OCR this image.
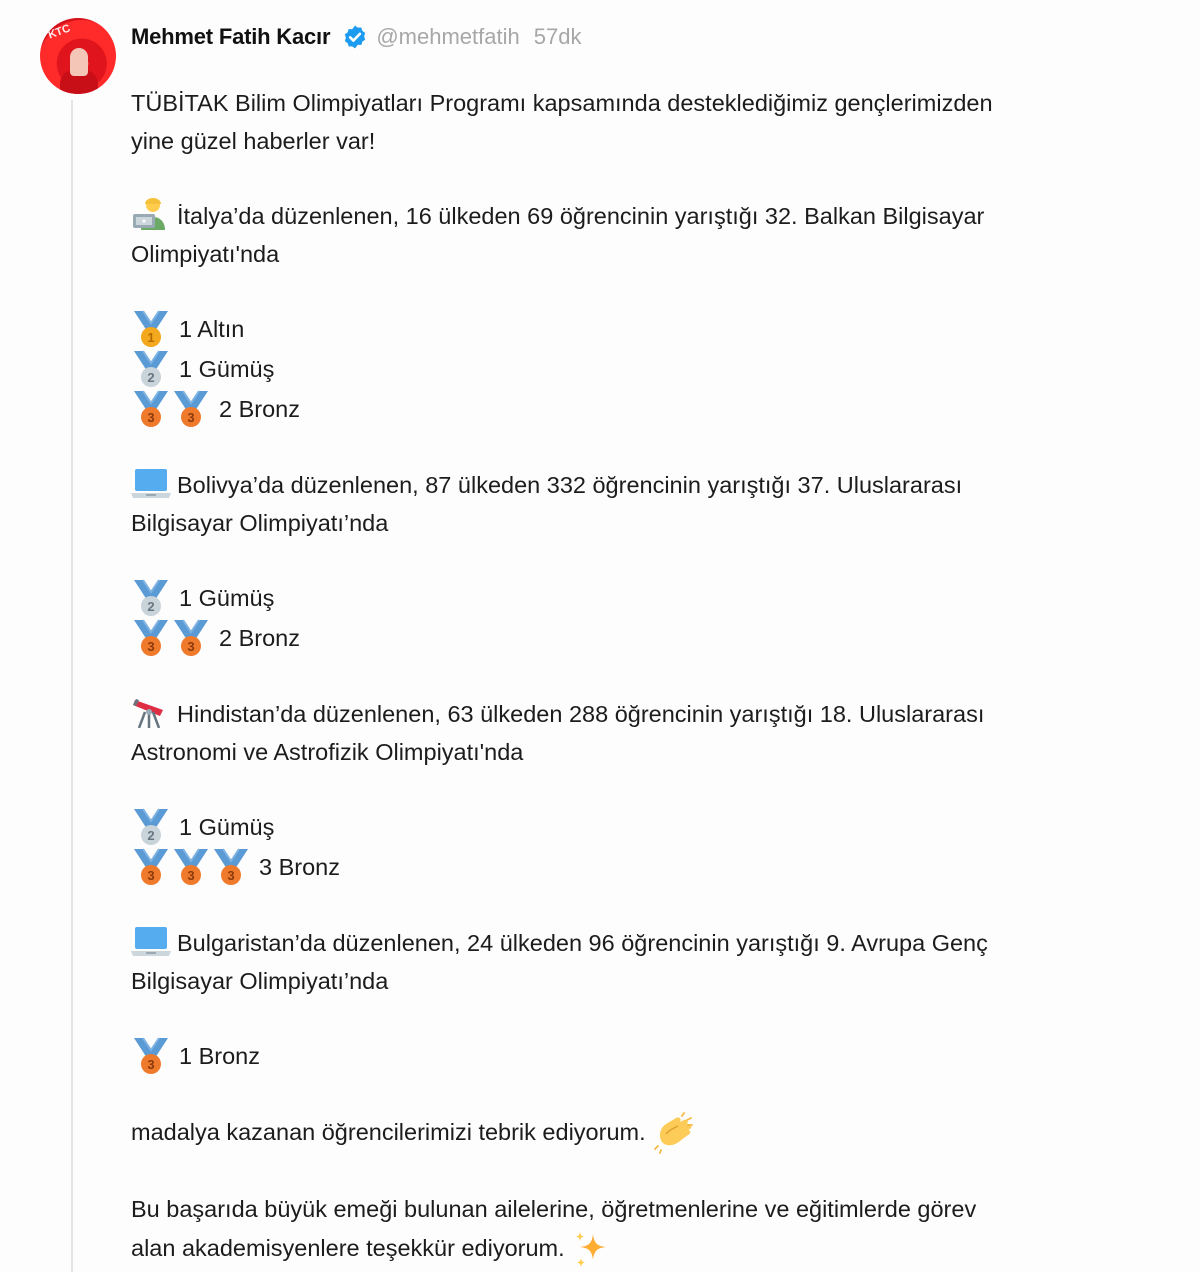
KTC	Mehmet Fatih Kacır @mehmetfatih 57dk

TÜBİTAK Bilim Olimpiyatları Programı kapsamında desteklediğimiz gençlerimizden

yine güzel haberler var!

İtalya’da düzenlenen, 16 ülkeden 69 öğrencinin yarıştığı 32. Balkan Bilgisayar

Olimpiyatı'nda

1 1 Altın
2 1 Gümüş
3	3 2 Bronz

Bolivya’da düzenlenen, 87 ülkeden 332 öğrencinin yarıştığı 37. Uluslararası

Bilgisayar Olimpiyatı’nda

2 1 Gümüş
3	3 2 Bronz

Hindistan’da düzenlenen, 63 ülkeden 288 öğrencinin yarıştığı 18. Uluslararası

Astronomi ve Astrofizik Olimpiyatı'nda

2 1 Gümüş
3	3	3 3 Bronz

Bulgaristan’da düzenlenen, 24 ülkeden 96 öğrencinin yarıştığı 9. Avrupa Genç

Bilgisayar Olimpiyatı’nda

3 1 Bronz

madalya kazanan öğrencilerimizi tebrik ediyorum.

Bu başarıda büyük emeği bulunan ailelerine, öğretmenlerine ve eğitimlerde görev

alan akademisyenlere teşekkür ediyorum.
